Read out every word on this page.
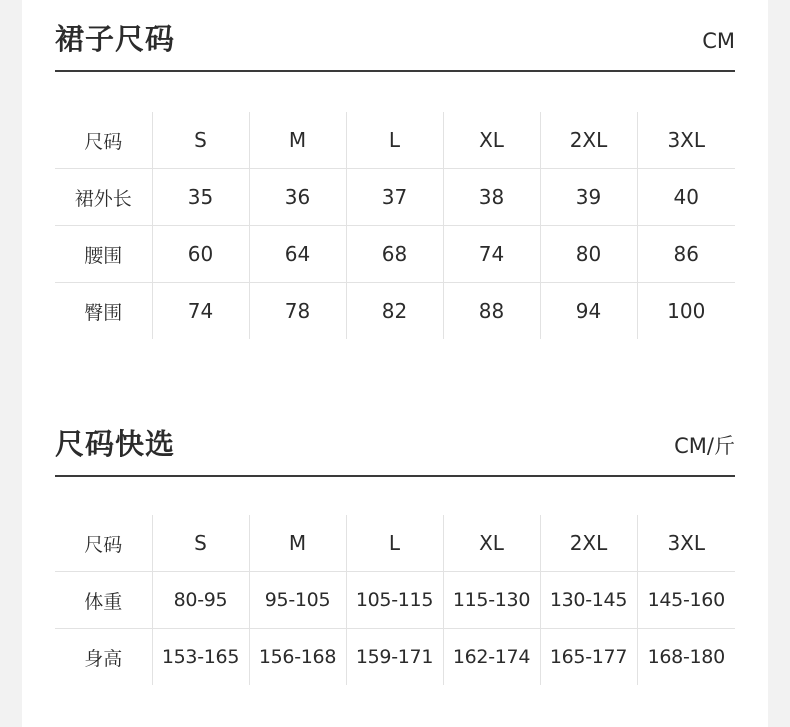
裙子尺码	CM
尺码	S	M	L	XL	2XL	3XL
裙外长	35	36	37	38	39	40
腰围	60	64	68	74	80	86
臀围	74	78	82	88	94	100
尺码快选	CM/斤
尺码	S	M	L	XL	2XL	3XL
体重	80-95	95-105	105-115	115-130	130-145	145-160
身高	153-165	156-168	159-171	162-174	165-177	168-180
